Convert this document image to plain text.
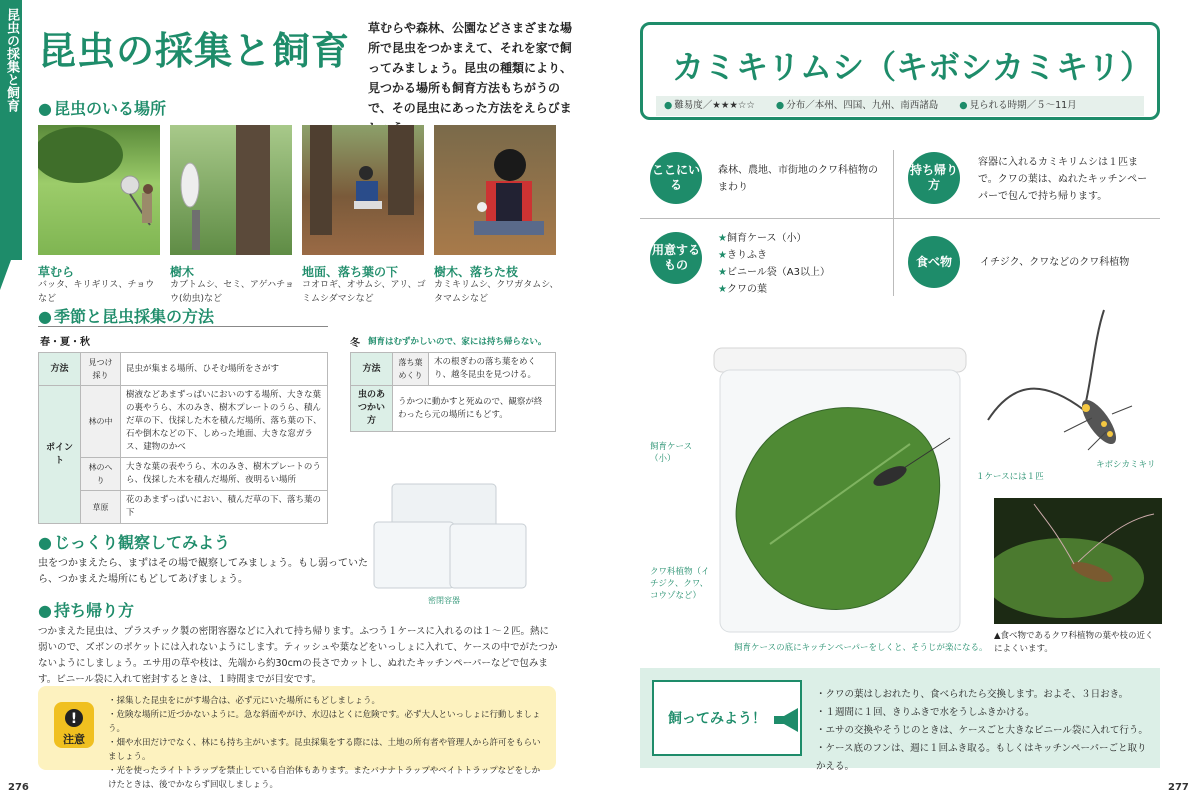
昆虫の採集と飼育 昆虫の採集と飼育
草むらや森林、公園などさまざまな場所で昆虫をつかまえて、それを家で飼ってみましょう。昆虫の種類により、見つかる場所も飼育方法もちがうので、その昆虫にあった方法をえらびま
● 昆虫のいる場所
草むら
バッタ、キリギリス、チョウなど
樹木
カブトムシ、セミ、アゲハチョウ(幼虫)など
地面、落ち葉の下
コオロギ、オサムシ、アリ、ゴミムシダマシなど
樹木、落ちた枝
カミキリムシ、クワガタムシ、タマムシなど
● 季節と昆虫採集の方法
春・夏・秋
方法	見つけ採り	昆虫が集まる場所、ひそむ場所をさがす
ポイント	林の中	樹液などあまずっぱいにおいのする場所、大きな葉の裏やうら、木のみき、樹木プレートのうら、積んだ草の下、伐採した木を積んだ場所、落ち葉の下、石や倒木などの下、しめった地面、大きな窓ガラス、建物のかべ
	林のへり	大きな葉の表やうら、木のみき、樹木プレートのうら、伐採した木を積んだ場所、夜明るい場所
	草原	花のあまずっぱいにおい、積んだ草の下、落ち葉の下
冬 飼育はむずかしいので、家には持ち帰らない。
方法	落ち葉めくり	木の根ぎわの落ち葉をめくり、越冬昆虫を見つける。
虫のあつかい方	うかつに動かすと死ぬので、観察が終わったら元の場所にもどす。	
密閉容器
● じっくり観察してみよう
虫をつかまえたら、まずはその場で観察してみましょう。もし弱っていたら、つかまえた場所にもどしてあげましょう。
● 持ち帰り方
つかまえた昆虫は、プラスチック製の密閉容器などに入れて持ち帰ります。ふつう１ケースに入れるのは１～２匹。熱に弱いので、ズボンのポケットには入れないようにします。ティッシュや葉などをいっしょに入れて、ケースの中でがたつかないようにしましょう。エサ用の草や枝は、先端から約30cmの長さでカットし、ぬれたキッチンペーパーなどで包みます。ビニール袋に入れて密封するときは、１時間までが目安です。
!
注意
・ 採集した昆虫をにがす場合は、必ず元にいた場所にもどしましょう。
・ 危険な場所に近づかないように。急な斜面やがけ、水辺はとくに危険です。必ず大人といっしょに行動しましょう。
・ 畑や水田だけでなく、林にも持ち主がいます。昆虫採集をする際には、土地の所有者や管理人から許可をもらいましょう。
・ 光を使ったライトトラップを禁止している自治体もあります。またバナナトラップやベイトトラップなどをしかけたときは、後でかならず回収しましょう。
276
カミキリムシ（キボシカミキリ）
● 難易度／★★★☆☆	● 分布／本州、四国、九州、南西諸島	● 見られる時期／５～11月
ここにいる
森林、農地、市街地のクワ科植物のまわり
持ち帰り方
容器に入れるカミキリムシは１匹まで。クワの葉は、ぬれたキッチンペーパーで包んで持ち帰ります。
用意するもの
★ 飼育ケース（小）
★ きりふき
★ ビニール袋（A3以上）
★ クワの葉
食べ物	イチジク、クワなどのクワ科植物
飼育ケース（小）
１ケースには１匹
クワ科植物（イチジク、クワ、コウゾなど）
飼育ケースの底にキッチンペーパーをしくと、そうじが楽になる。
キボシカミキリ
▲食べ物であるクワ科植物の葉や枝の近くによくいます。
飼ってみよう！
・ クワの葉はしおれたり、食べられたら交換します。およそ、３日おき。
・ １週間に１回、きりふきで水をうしふきかける。
・ エサの交換やそうじのときは、ケースごと大きなビニール袋に入れて行う。
・ ケース底のフンは、週に１回ふき取る。もしくはキッチンペーパーごと取りかえる。
277
